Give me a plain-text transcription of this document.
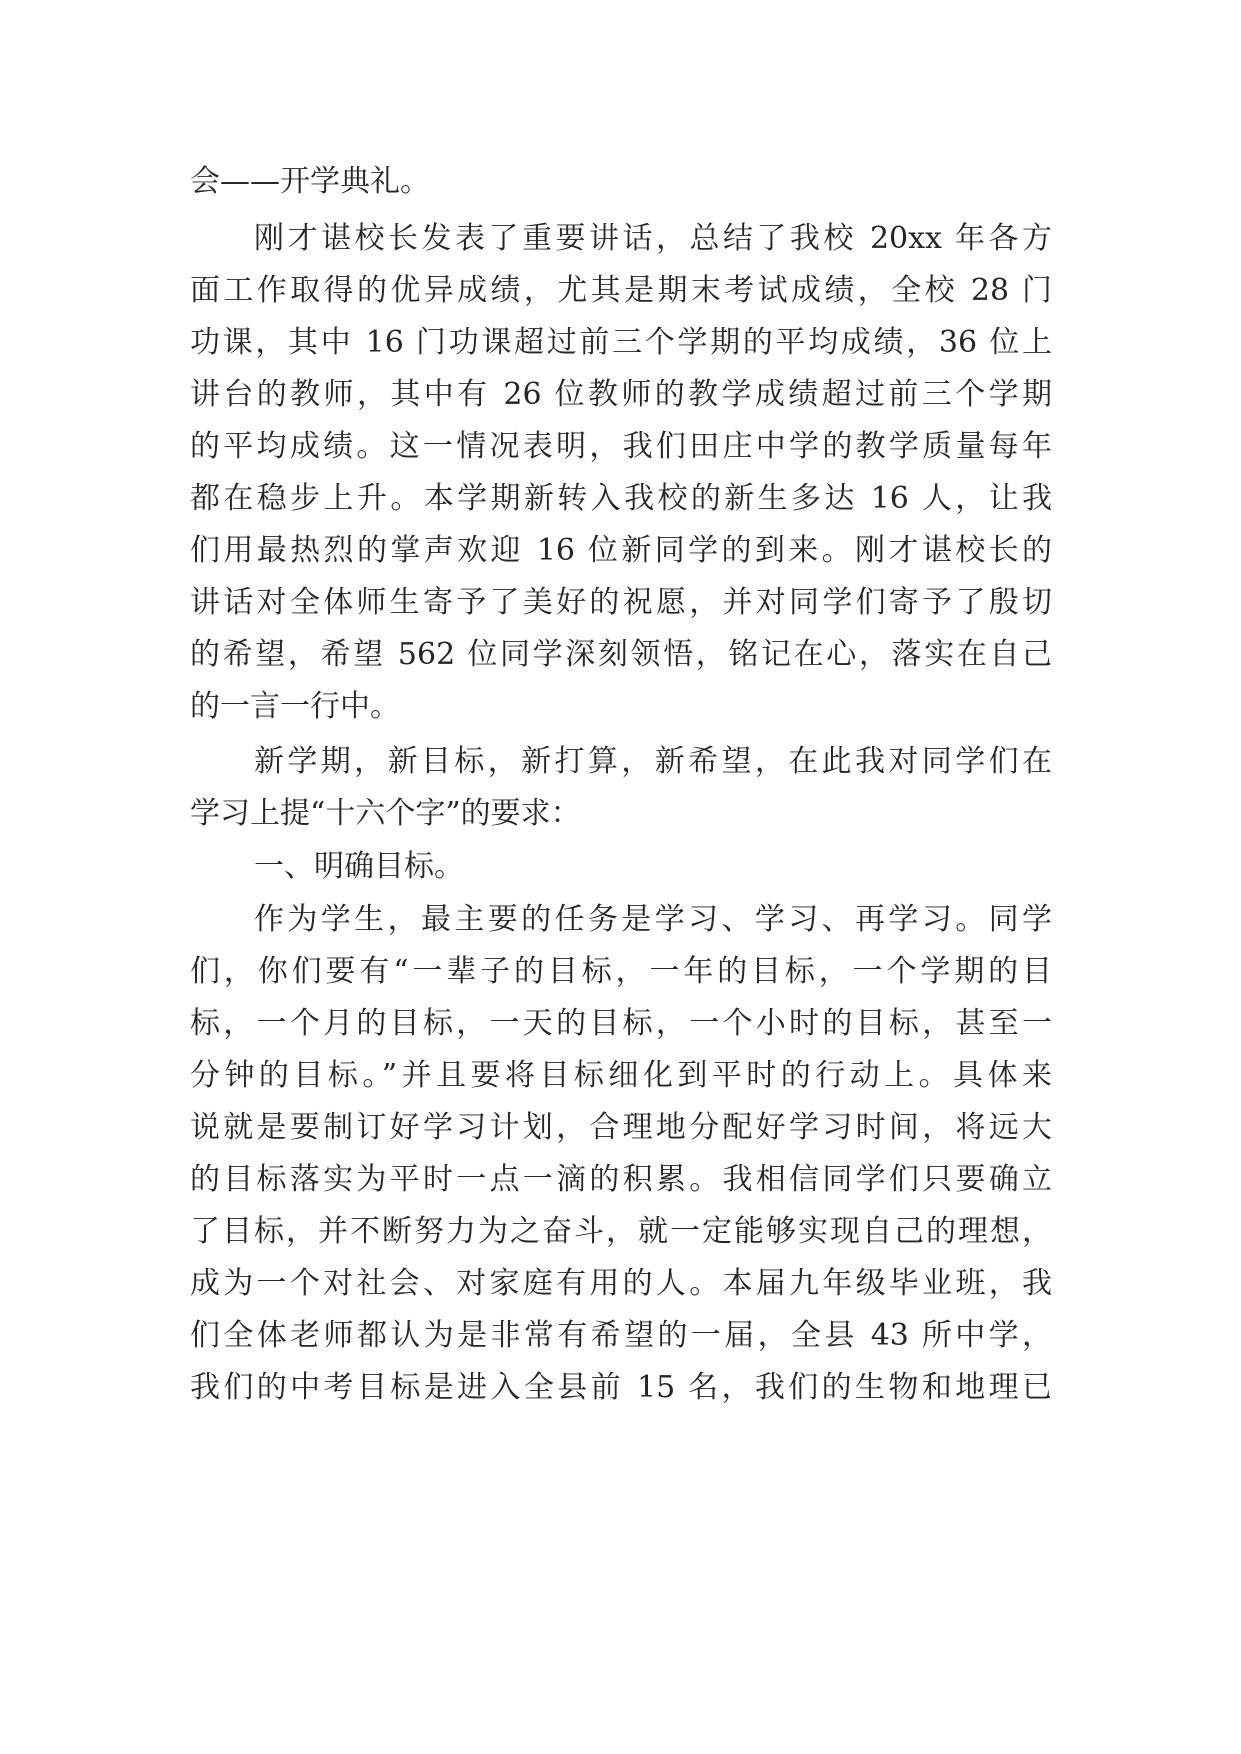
会——开学典礼。
刚才谌校长发表了重要讲话，总结了我校 20xx 年各方
面工作取得的优异成绩，尤其是期末考试成绩，全校 28 门
功课，其中 16 门功课超过前三个学期的平均成绩，36 位上
讲台的教师，其中有 26 位教师的教学成绩超过前三个学期
的平均成绩。这一情况表明，我们田庄中学的教学质量每年
都在稳步上升。本学期新转入我校的新生多达 16 人，让我
们用最热烈的掌声欢迎 16 位新同学的到来。刚才谌校长的
讲话对全体师生寄予了美好的祝愿，并对同学们寄予了殷切
的希望，希望 562 位同学深刻领悟，铭记在心，落实在自己
的一言一行中。
新学期，新目标，新打算，新希望，在此我对同学们在
学习上提“十六个字”的要求：
一、明确目标。
作为学生，最主要的任务是学习、学习、再学习。同学
们，你们要有“一辈子的目标，一年的目标，一个学期的目
标，一个月的目标，一天的目标，一个小时的目标，甚至一
分钟的目标。”并且要将目标细化到平时的行动上。具体来
说就是要制订好学习计划，合理地分配好学习时间，将远大
的目标落实为平时一点一滴的积累。我相信同学们只要确立
了目标，并不断努力为之奋斗，就一定能够实现自己的理想，
成为一个对社会、对家庭有用的人。本届九年级毕业班，我
们全体老师都认为是非常有希望的一届，全县 43 所中学，
我们的中考目标是进入全县前 15 名，我们的生物和地理已
